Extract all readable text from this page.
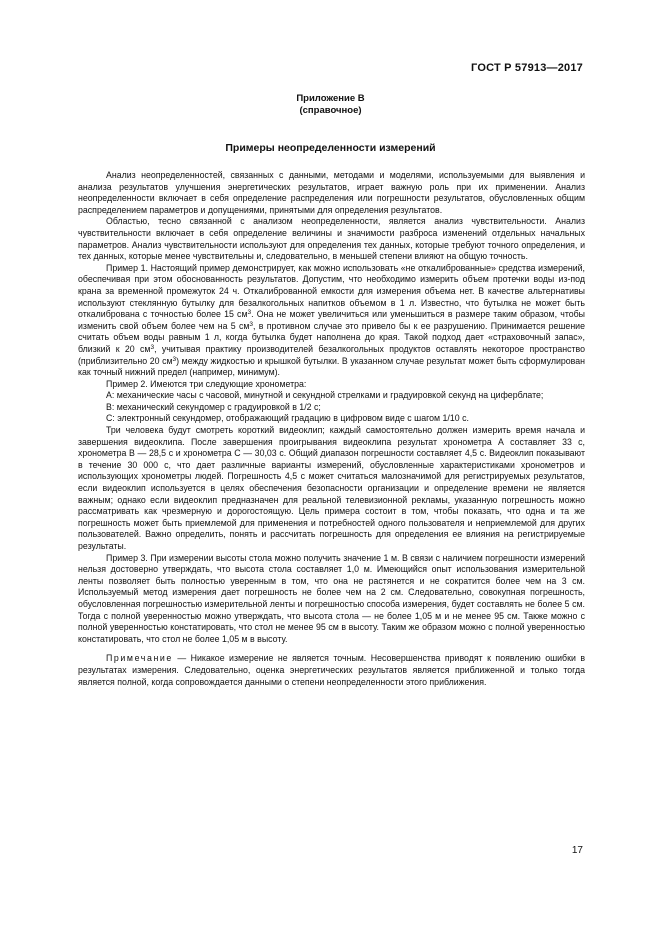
ГОСТ Р 57913—2017
Приложение В
(справочное)
Примеры неопределенности измерений

Анализ неопределенностей, связанных с данными, методами и моделями, используемыми для выявления и анализа результатов улучшения энергетических результатов, играет важную роль при их применении. Анализ неопределенности включает в себя определение распределения или погрешности результатов, обусловленных общим распределением параметров и допущениями, принятыми для определения результатов.

Областью, тесно связанной с анализом неопределенности, является анализ чувствительности. Анализ чувствительности включает в себя определение величины и значимости разброса изменений отдельных начальных параметров. Анализ чувствительности используют для определения тех данных, которые требуют точного определения, и тех данных, которые менее чувствительны и, следовательно, в меньшей степени влияют на общую точность.

Пример 1. Настоящий пример демонстрирует, как можно использовать «не откалиброванные» средства измерений, обеспечивая при этом обоснованность результатов. Допустим, что необходимо измерить объем протечки воды из-под крана за временной промежуток 24 ч. Откалиброванной емкости для измерения объема нет. В качестве альтернативы используют стеклянную бутылку для безалкогольных напитков объемом в 1 л. Известно, что бутылка не может быть откалибрована с точностью более 15 $см^3$. Она не может увеличиться или уменьшиться в размере таким образом, чтобы изменить свой объем более чем на 5 $см^3$, в противном случае это привело бы к ее разрушению. Принимается решение считать объем воды равным 1 л, когда бутылка будет наполнена до края. Такой подход дает «страховочный запас», близкий к 20 $см^3$, учитывая практику производителей безалкогольных продуктов оставлять некоторое пространство (приблизительно 20 $см^3$) между жидкостью и крышкой бутылки. В указанном случае результат может быть сформулирован как точный нижний предел (например, минимум).

Пример 2. Имеются три следующие хронометра:

А: механические часы с часовой, минутной и секундной стрелками и градуировкой секунд на циферблате;

В: механический секундомер с градуировкой в 1/2 с;

С: электронный секундомер, отображающий градацию в цифровом виде с шагом 1/10 с.

Три человека будут смотреть короткий видеоклип; каждый самостоятельно должен измерить время начала и завершения видеоклипа. После завершения проигрывания видеоклипа результат хронометра А составляет 33 с, хронометра В — 28,5 с и хронометра С — 30,03 с. Общий диапазон погрешности составляет 4,5 с. Видеоклип показывают в течение 30 000 с, что дает различные варианты измерений, обусловленные характеристиками хронометров и использующих хронометры людей. Погрешность 4,5 с может считаться малозначимой для регистрируемых результатов, если видеоклип используется в целях обеспечения безопасности организации и определение времени не является важным; однако если видеоклип предназначен для реальной телевизионной рекламы, указанную погрешность можно рассматривать как чрезмерную и дорогостоящую. Цель примера состоит в том, чтобы показать, что одна и та же погрешность может быть приемлемой для применения и потребностей одного пользователя и неприемлемой для других пользователей. Важно определить, понять и рассчитать погрешность для определения ее влияния на регистрируемые результаты.

Пример 3. При измерении высоты стола можно получить значение 1 м. В связи с наличием погрешности измерений нельзя достоверно утверждать, что высота стола составляет 1,0 м. Имеющийся опыт использования измерительной ленты позволяет быть полностью уверенным в том, что она не растянется и не сократится более чем на 3 см. Используемый метод измерения дает погрешность не более чем на 2 см. Следовательно, совокупная погрешность, обусловленная погрешностью измерительной ленты и погрешностью способа измерения, будет составлять не более 5 см. Тогда с полной уверенностью можно утверждать, что высота стола — не более 1,05 м и не менее 95 см. Также можно с полной уверенностью констатировать, что стол не менее 95 см в высоту. Таким же образом можно с полной уверенностью констатировать, что стол не более 1,05 м в высоту.

Примечание — Никакое измерение не является точным. Несовершенства приводят к появлению ошибки в результатах измерения. Следовательно, оценка энергетических результатов является приближенной и только тогда является полной, когда сопровождается данными о степени неопределенности этого приближения.

17
